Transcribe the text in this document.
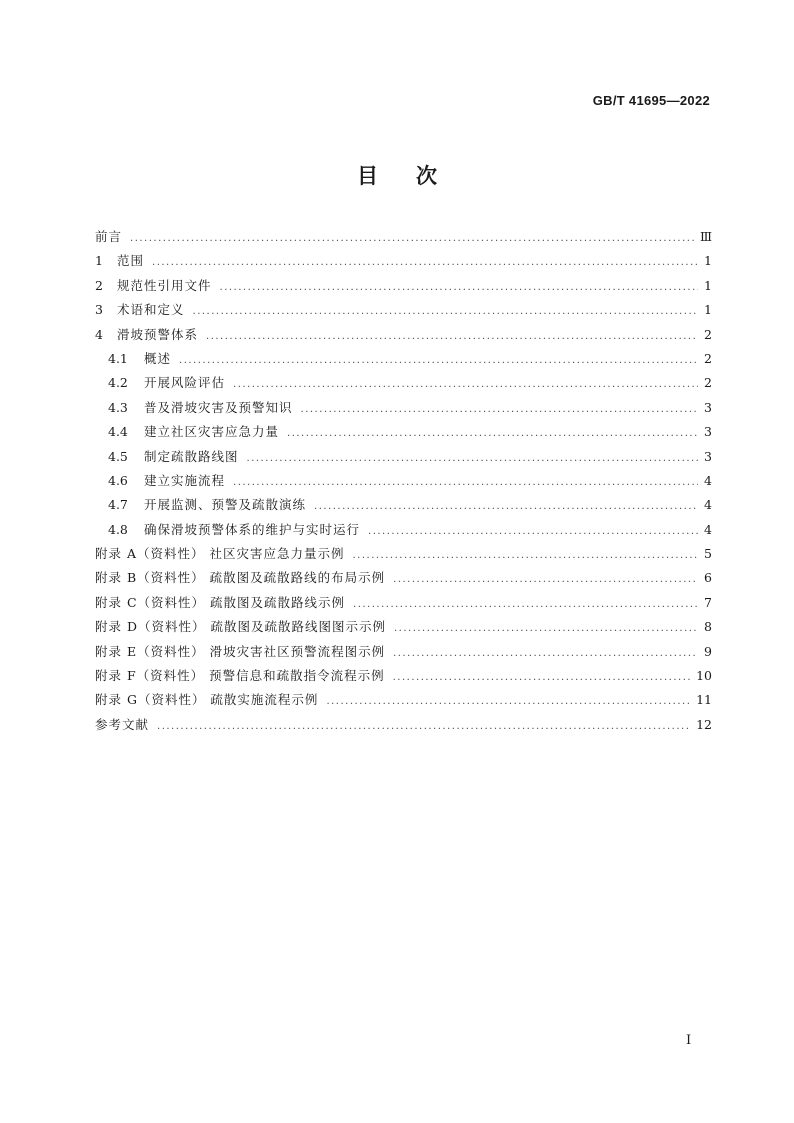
GB/T 41695—2022
目次
前言 .....	Ⅲ
1	范围 .....	1
2	规范性引用文件 .....	1
3	术语和定义 .....	1
4	滑坡预警体系 .....	2
4.1	概述 .....	2
4.2	开展风险评估 .....	2
4.3	普及滑坡灾害及预警知识 .....	3
4.4	建立社区灾害应急力量 .....	3
4.5	制定疏散路线图 .....	3
4.6	建立实施流程 .....	4
4.7	开展监测、预警及疏散演练 .....	4
4.8	确保滑坡预警体系的维护与实时运行 .....	4
附录 A（资料性） 社区灾害应急力量示例 .....	5
附录 B（资料性） 疏散图及疏散路线的布局示例 .....	6
附录 C（资料性） 疏散图及疏散路线示例 .....	7
附录 D（资料性） 疏散图及疏散路线图图示示例 .....	8
附录 E（资料性） 滑坡灾害社区预警流程图示例 .....	9
附录 F（资料性） 预警信息和疏散指令流程示例 .....	10
附录 G（资料性） 疏散实施流程示例 .....	11
参考文献 .....	12
I
